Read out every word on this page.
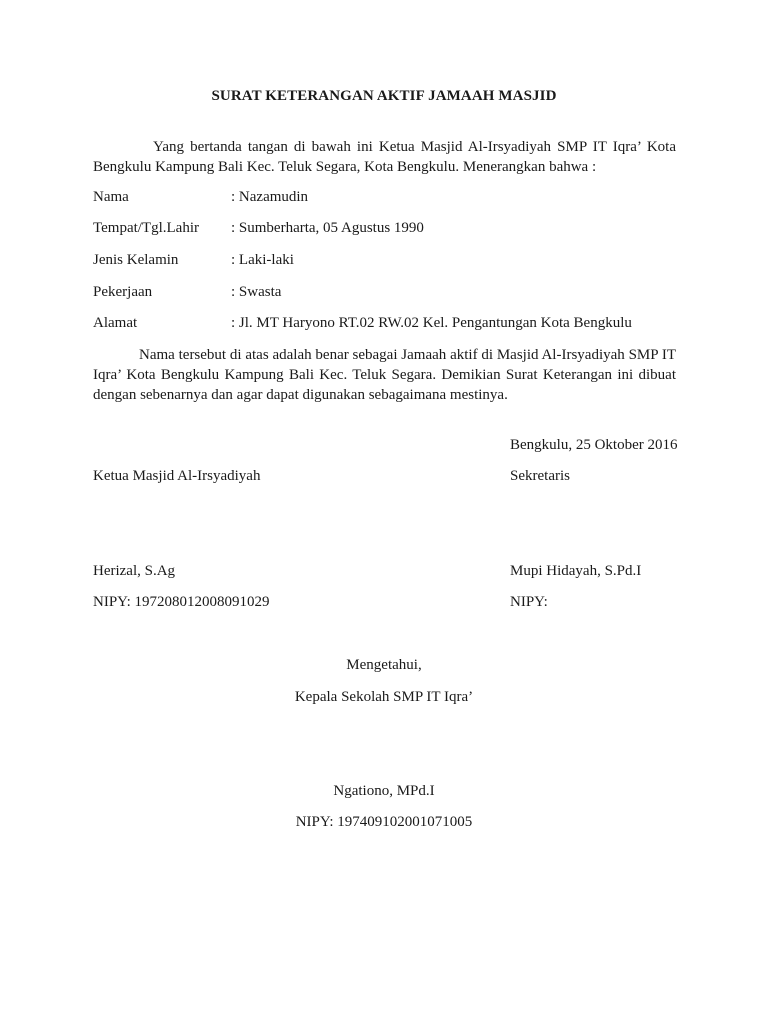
SURAT KETERANGAN AKTIF JAMAAH MASJID

Yang bertanda tangan di bawah ini Ketua Masjid Al-Irsyadiyah SMP IT Iqra’ Kota Bengkulu Kampung Bali Kec. Teluk Segara, Kota Bengkulu. Menerangkan bahwa :

Nama	: Nazamudin
Tempat/Tgl.Lahir : Sumberharta, 05 Agustus 1990
Jenis Kelamin	: Laki-laki
Pekerjaan	: Swasta
Alamat	: Jl. MT Haryono RT.02 RW.02 Kel. Pengantungan Kota Bengkulu

Nama tersebut di atas adalah benar sebagai Jamaah aktif di Masjid Al-Irsyadiyah SMP IT Iqra’ Kota Bengkulu Kampung Bali Kec. Teluk Segara. Demikian Surat Keterangan ini dibuat dengan sebenarnya dan agar dapat digunakan sebagaimana mestinya.

Bengkulu, 25 Oktober 2016
Ketua Masjid Al-Irsyadiyah	Sekretaris
Herizal, S.Ag	Mupi Hidayah, S.Pd.I
NIPY: 197208012008091029	NIPY:
Mengetahui,
Kepala Sekolah SMP IT Iqra’
Ngationo, MPd.I
NIPY: 197409102001071005
